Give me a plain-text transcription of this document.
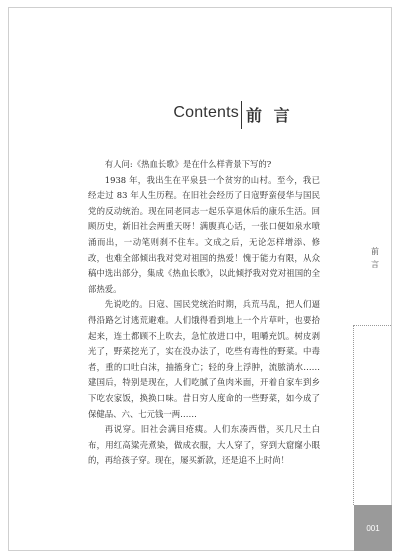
Contents 前 言

有人问:《热血长歌》是在什么样背景下写的?

1938 年，我出生在平泉县一个贫穷的山村。至今，我已经走过 83 年人生历程。在旧社会经历了日寇野蛮侵华与国民党的反动统治。现在同老同志一起乐享退休后的康乐生活。回顾历史，新旧社会两重天呀！满腹真心话，一张口便如泉水喷涌而出，一动笔则刹不住车。文成之后，无论怎样增添、修改，也难全部倾出我对党对祖国的热爱！愧于能力有限，从众稿中选出部分，集成《热血长歌》，以此倾抒我对党对祖国的全部热爱。

先说吃的。日寇、国民党统治时期，兵荒马乱，把人们逼得沿路乞讨逃荒避难。人们饿得看到地上一个片草叶，也要拾起来，连土都顾不上吹去，急忙放进口中，咀嚼充饥。树皮剥光了，野菜挖光了，实在没办法了，吃些有毒性的野菜。中毒者，重的口吐白沫，抽搐身亡；轻的身上浮肿，流脓淌水……建国后，特别是现在，人们吃腻了鱼肉米面，开着自家车到乡下吃农家饭，换换口味。昔日穷人度命的一些野菜，如今成了保健品、六、七元钱一两……

再说穿。旧社会满目疮痍。人们东凑西借，买几尺土白布，用红高粱壳煮染，做成衣服，大人穿了，穿到大窟窿小眼的，再给孩子穿。现在，屡买新款，还是追不上时尚！

前
言
001
